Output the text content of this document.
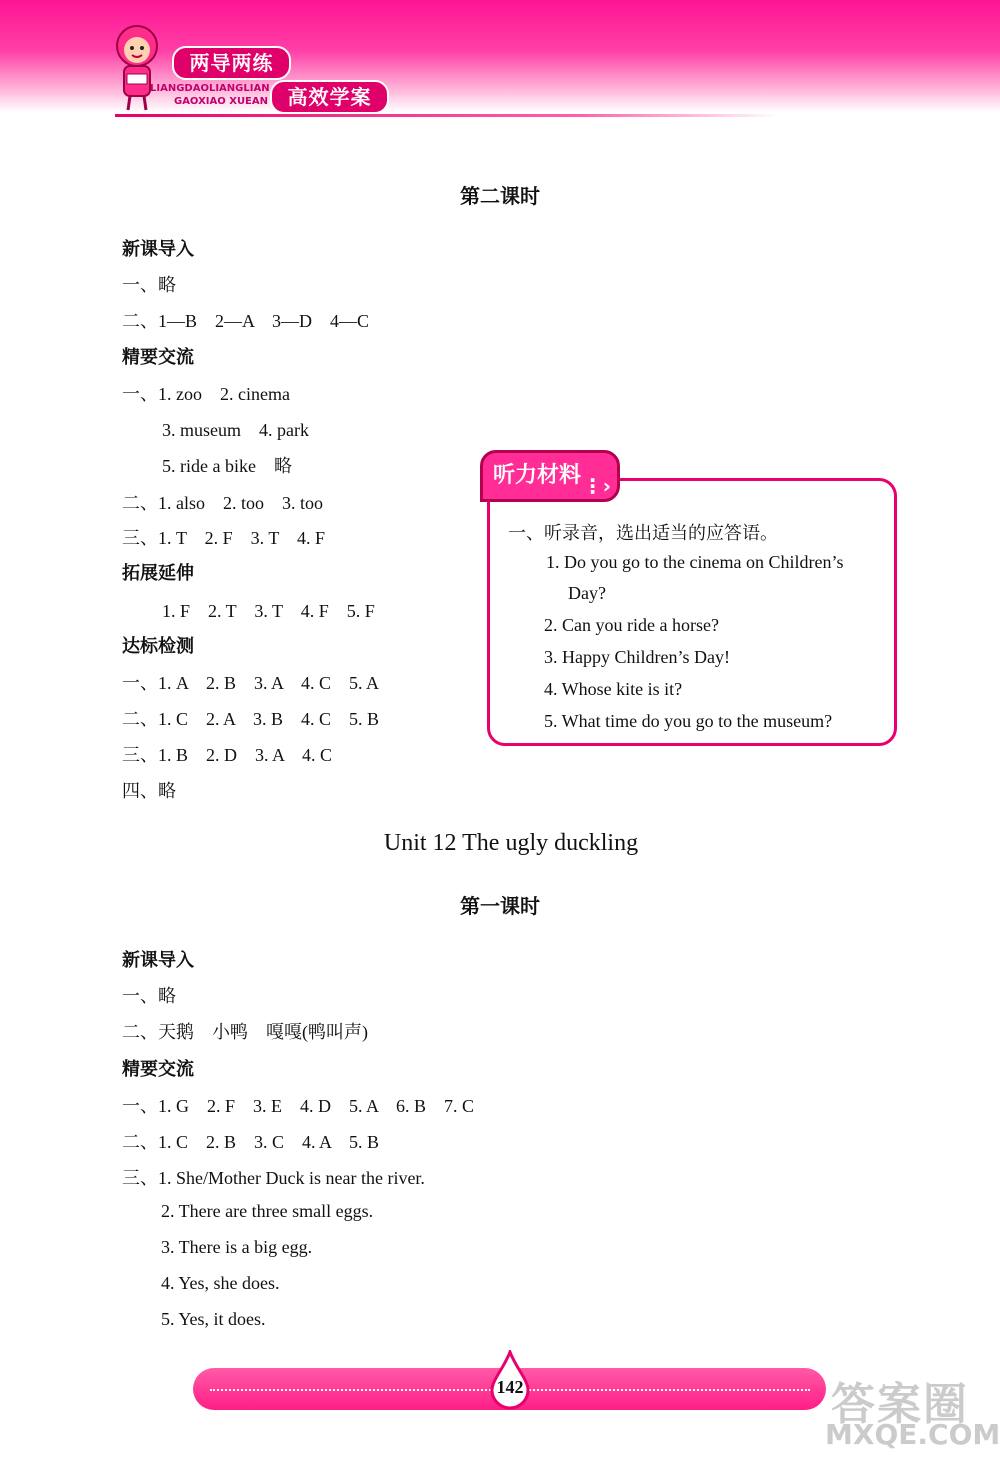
两导两练
LIANGDAOLIANGLIAN
GAOXIAO XUEAN 高效学案
第二课时
新课导入
一、略
二、1—B　2—A　3—D　4—C
精要交流
一、1. zoo　2. cinema
3. museum　4. park
5. ride a bike　略
二、1. also　2. too　3. too
三、1. T　2. F　3. T　4. F
拓展延伸
1. F　2. T　3. T　4. F　5. F
达标检测
一、1. A　2. B　3. A　4. C　5. A
二、1. C　2. A　3. B　4. C　5. B
三、1. B　2. D　3. A　4. C
四、略
听力材料 ⋮›
一、听录音，选出适当的应答语。
1. Do you go to the cinema on Children’s
Day?
2. Can you ride a horse?
3. Happy Children’s Day!
4. Whose kite is it?
5. What time do you go to the museum?
Unit 12 The ugly duckling
第一课时
新课导入
一、略
二、天鹅　小鸭　嘎嘎(鸭叫声)
精要交流
一、1. G　2. F　3. E　4. D　5. A　6. B　7. C
二、1. C　2. B　3. C　4. A　5. B
三、1. She/Mother Duck is near the river.
2. There are three small eggs.
3. There is a big egg.
4. Yes, she does.
5. Yes, it does.
142	答案圈
MXQE.COM
